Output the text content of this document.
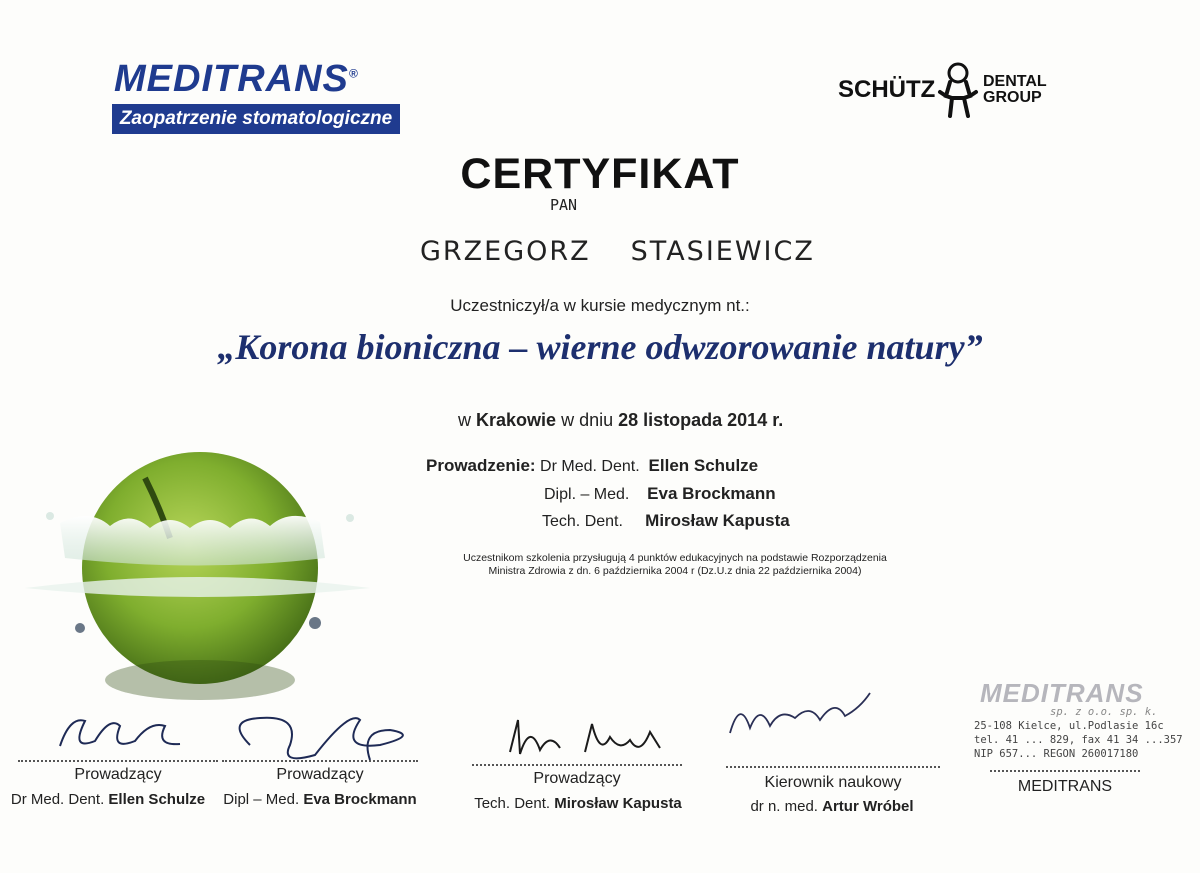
MEDITRANS®
Zaopatrzenie stomatologiczne
SCHÜTZ	DENTAL
GROUP
CERTYFIKAT
PAN
GRZEGORZ STASIEWICZ
Uczestniczył/a w kursie medycznym nt.:
„Korona bioniczna – wierne odwzorowanie natury”
w Krakowie w dniu 28 listopada 2014 r.
Prowadzenie: Dr Med. Dent. Ellen Schulze
Dipl. – Med. Eva Brockmann
Tech. Dent. Mirosław Kapusta
Uczestnikom szkolenia przysługują 4 punktów edukacyjnych na podstawie Rozporządzenia
Ministra Zdrowia z dn. 6 października 2004 r (Dz.U.z dnia 22 października 2004)
Prowadzący
Dr Med. Dent. Ellen Schulze
Prowadzący
Dipl – Med. Eva Brockmann
Prowadzący
Tech. Dent. Mirosław Kapusta
Kierownik naukowy
dr n. med. Artur Wróbel
MEDITRANS
sp. z o.o. sp. k.
25-108 Kielce, ul.Podlasie 16c
tel. 41 ... 829, fax 41 34 ...357
NIP 657... REGON 260017180
MEDITRANS
